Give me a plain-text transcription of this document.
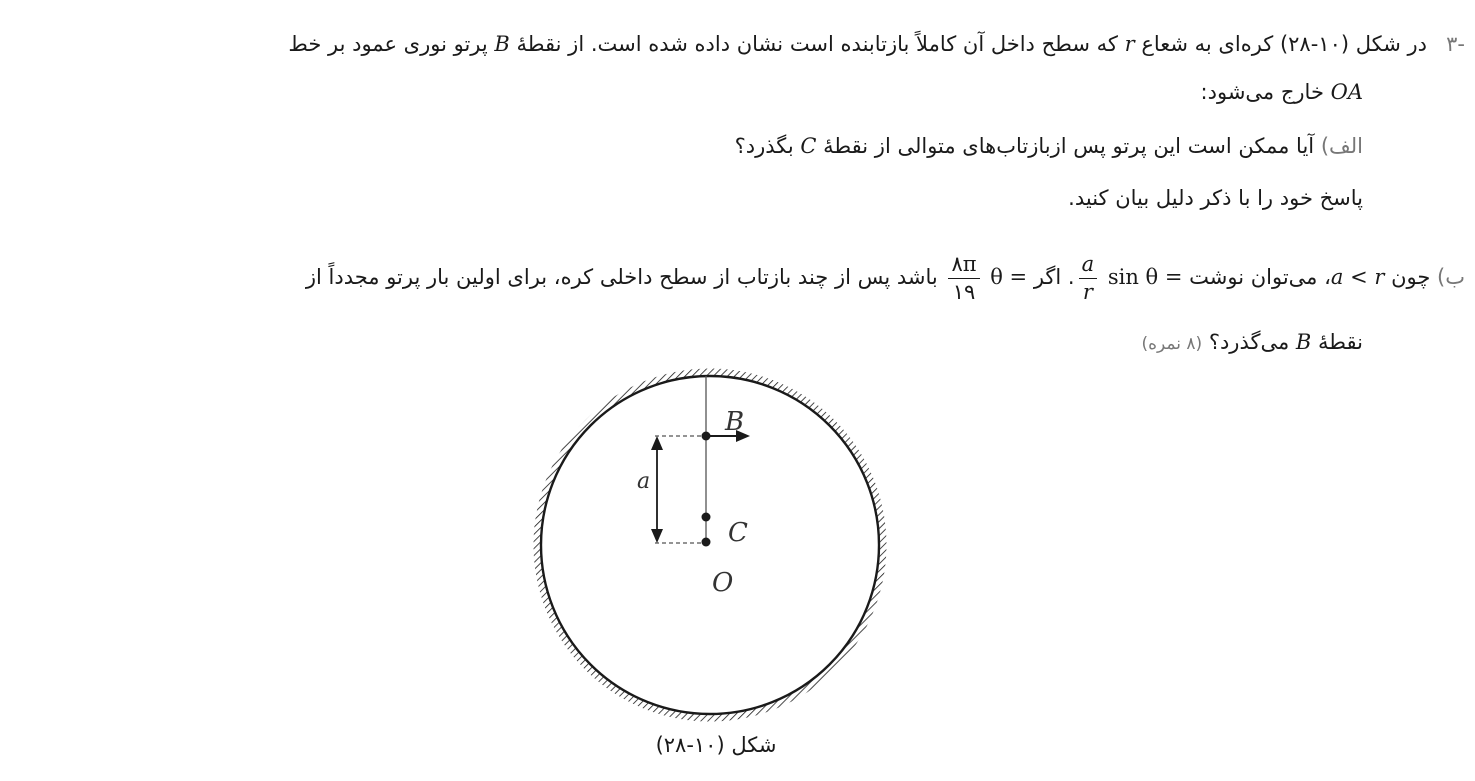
-۳
در شکل (۱۰-۲۸) کره‌ای به شعاع r که سطح داخل آن کاملاً بازتابنده است نشان داده شده است. از نقطهٔ B پرتو نوری عمود بر خط
OA خارج می‌شود:
الف) آیا ممکن است این پرتو پس ازبازتاب‌های متوالی از نقطهٔ C بگذرد؟
پاسخ خود را با ذکر دلیل بیان کنید.
ب) چون a < r، می‌توان نوشت sin θ =
$\frac{a}{r}$
. اگر θ =
$\frac{۸\pi}{۱۹}$
باشد پس از چند بازتاب از سطح داخلی کره، برای اولین بار پرتو مجدداً از
نقطهٔ B می‌گذرد؟ (۸ نمره)
B
C
O
a
شکل (۱۰-۲۸)
